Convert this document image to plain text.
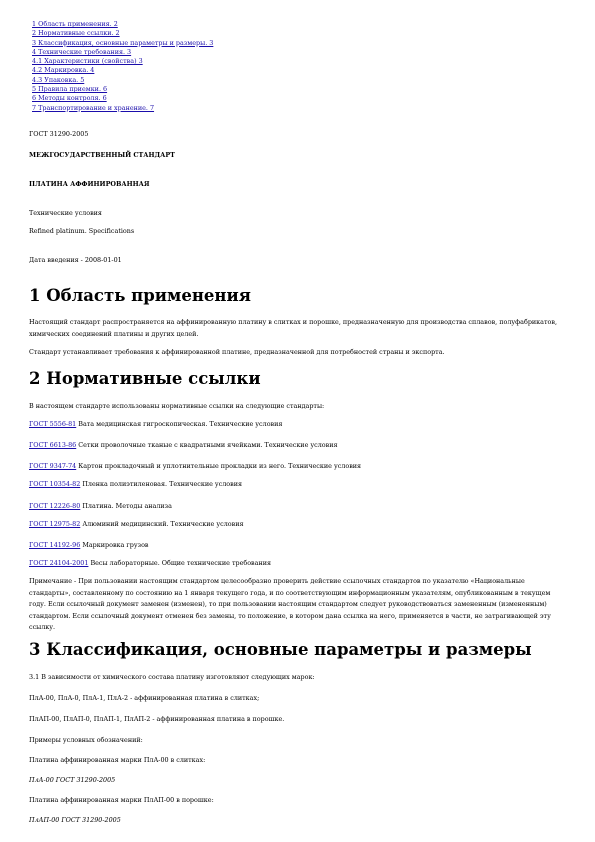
1 Область применения. 2
2 Нормативные ссылки. 2
3 Классификация, основные параметры и размеры. 3
4 Технические требования. 3
4.1 Характеристики (свойства) 3
4.2 Маркировка. 4
4.3 Упаковка. 5
5 Правила приемки. 6
6 Методы контроля. 6
7 Транспортирование и хранение. 7

ГОСТ 31290-2005

МЕЖГОСУДАРСТВЕННЫЙ СТАНДАРТ

ПЛАТИНА АФФИНИРОВАННАЯ

Технические условия

Refined platinum. Specifications

Дата введения - 2008-01-01

1 Область применения
Настоящий стандарт распространяется на аффинированную платину в слитках и порошке, предназначенную для производства сплавов, полуфабрикатов, химических соединений платины и других целей.
Стандарт устанавливает требования к аффинированной платине, предназначенной для потребностей страны и экспорта.
2 Нормативные ссылки
В настоящем стандарте использованы нормативные ссылки на следующие стандарты:
ГОСТ 5556-81 Вата медицинская гигроскопическая. Технические условия
ГОСТ 6613-86 Сетки проволочные тканые с квадратными ячейками. Технические условия
ГОСТ 9347-74 Картон прокладочный и уплотнительные прокладки из него. Технические условия
ГОСТ 10354-82 Пленка полиэтиленовая. Технические условия
ГОСТ 12226-80 Платина. Методы анализа
ГОСТ 12975-82 Алюминий медицинский. Технические условия
ГОСТ 14192-96 Маркировка грузов
ГОСТ 24104-2001 Весы лабораторные. Общие технические требования
Примечание - При пользовании настоящим стандартом целесообразно проверить действие ссылочных стандартов по указателю «Национальные стандарты», составленному по состоянию на 1 января текущего года, и по соответствующим информационным указателям, опубликованным в текущем году. Если ссылочный документ заменен (изменен), то при пользовании настоящим стандартом следует руководствоваться замененным (измененным) стандартом. Если ссылочный документ отменен без замены, то положение, в котором дана ссылка на него, применяется в части, не затрагивающей эту ссылку.
3 Классификация, основные параметры и размеры
3.1 В зависимости от химического состава платину изготовляют следующих марок:
ПлА-00, ПлА-0, ПлА-1, ПлА-2 - аффинированная платина в слитках;
ПлАП-00, ПлАП-0, ПлАП-1, ПлАП-2 - аффинированная платина в порошке.
Примеры условных обозначений:
Платина аффинированная марки ПлА-00 в слитках:
ПлА-00 ГОСТ 31290-2005
Платина аффинированная марки ПлАП-00 в порошке:
ПлАП-00 ГОСТ 31290-2005
